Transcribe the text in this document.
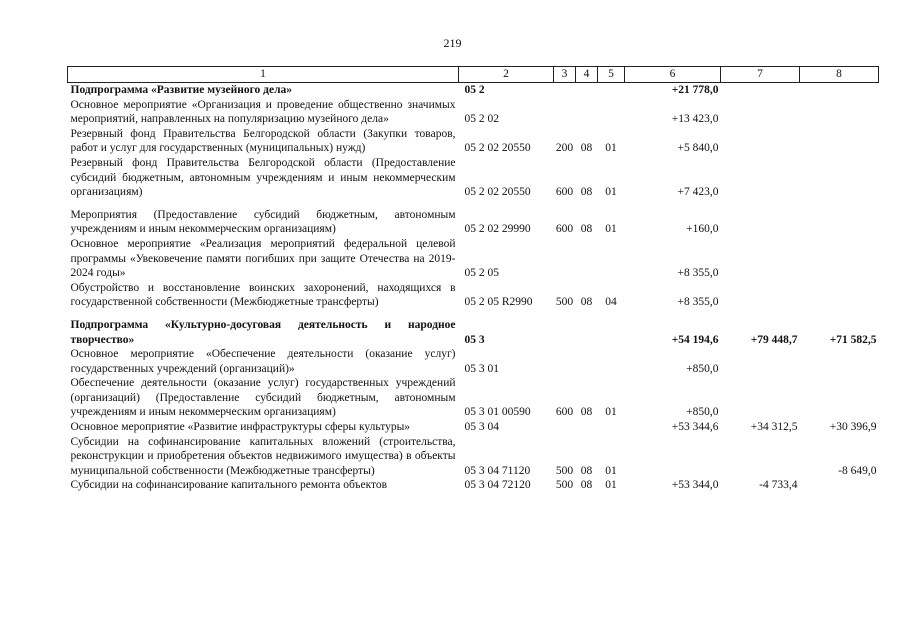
219
1	2	3	4	5	6	7	8
Подпрограмма «Развитие музейного дела»	05 2				+21 778,0		
Основное мероприятие «Организация и проведение общественно значимых мероприятий, направленных на популяризацию музейного дела»	05 2 02				+13 423,0		
Резервный фонд Правительства Белгородской области (Закупки товаров, работ и услуг для государственных (муниципальных) нужд)	05 2 02 20550	200	08	01	+5 840,0		
Резервный фонд Правительства Белгородской области (Предоставление субсидий бюджетным, автономным учреждениям и иным некоммерческим организациям)	05 2 02 20550	600	08	01	+7 423,0		

Мероприятия (Предоставление субсидий бюджетным, автономным учреждениям и иным некоммерческим организациям)	05 2 02 29990	600	08	01	+160,0		
Основное мероприятие «Реализация мероприятий федеральной целевой программы «Увековечение памяти погибших при защите Отечества на 2019-2024 годы»	05 2 05				+8 355,0		
Обустройство и восстановление воинских захоронений, находящихся в государственной собственности (Межбюджетные трансферты)	05 2 05 R2990	500	08	04	+8 355,0		

Подпрограмма «Культурно-досуговая деятельность и народное творчество»	05 3				+54 194,6	+79 448,7	+71 582,5
Основное мероприятие «Обеспечение деятельности (оказание услуг) государственных учреждений (организаций)»	05 3 01				+850,0		
Обеспечение деятельности (оказание услуг) государственных учреждений (организаций) (Предоставление субсидий бюджетным, автономным учреждениям и иным некоммерческим организациям)	05 3 01 00590	600	08	01	+850,0		
Основное мероприятие «Развитие инфраструктуры сферы культуры»	05 3 04				+53 344,6	+34 312,5	+30 396,9
Субсидии на софинансирование капитальных вложений (строительства, реконструкции и приобретения объектов недвижимого имущества) в объекты муниципальной собственности (Межбюджетные трансферты)	05 3 04 71120	500	08	01			-8 649,0
Субсидии на софинансирование капитального ремонта объектов	05 3 04 72120	500	08	01	+53 344,0	-4 733,4	
